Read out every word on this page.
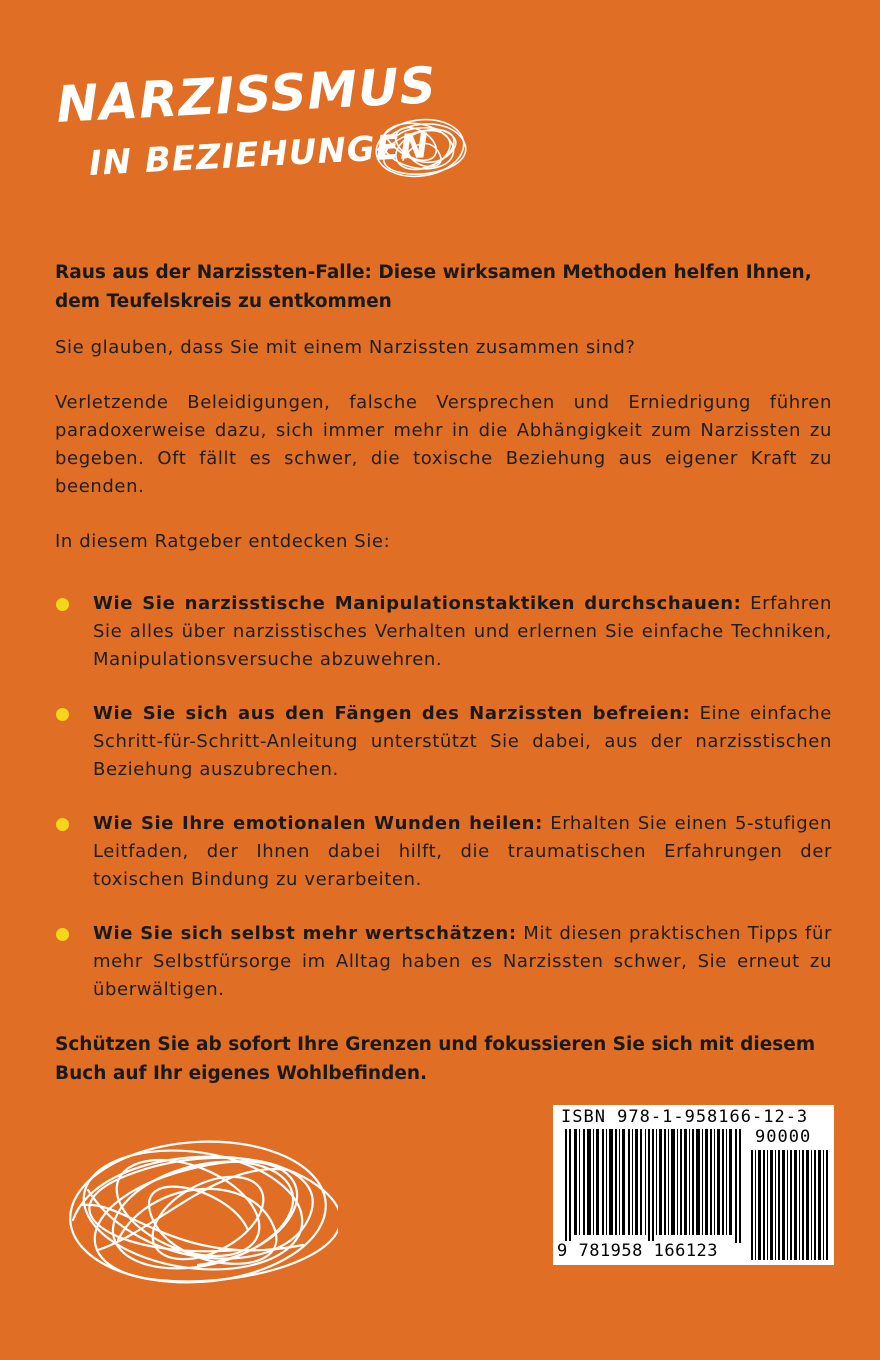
NARZISSMUS
IN BEZIEHUNGEN

Raus aus der Narzissten-Falle: Diese wirksamen Methoden helfen Ihnen, dem Teufelskreis zu entkommen

Sie glauben, dass Sie mit einem Narzissten zusammen sind?

Verletzende Beleidigungen, falsche Versprechen und Erniedrigung führen paradoxerweise dazu, sich immer mehr in die Abhängigkeit zum Narzissten zu begeben. Oft fällt es schwer, die toxische Beziehung aus eigener Kraft zu beenden.

In diesem Ratgeber entdecken Sie:

Wie Sie narzisstische Manipulationstaktiken durchschauen: Erfahren Sie alles über narzisstisches Verhalten und erlernen Sie einfache Techniken, Manipulationsversuche abzuwehren.
Wie Sie sich aus den Fängen des Narzissten befreien: Eine einfache Schritt-für-Schritt-Anleitung unterstützt Sie dabei, aus der narzisstischen Beziehung auszubrechen.
Wie Sie Ihre emotionalen Wunden heilen: Erhalten Sie einen 5-stufigen Leitfaden, der Ihnen dabei hilft, die traumatischen Erfahrungen der toxischen Bindung zu verarbeiten.
Wie Sie sich selbst mehr wertschätzen: Mit diesen praktischen Tipps für mehr Selbstfürsorge im Alltag haben es Narzissten schwer, Sie erneut zu überwältigen.

Schützen Sie ab sofort Ihre Grenzen und fokussieren Sie sich mit diesem Buch auf Ihr eigenes Wohlbefinden.

ISBN 978-1-958166-12-3
90000
9 781958 166123
